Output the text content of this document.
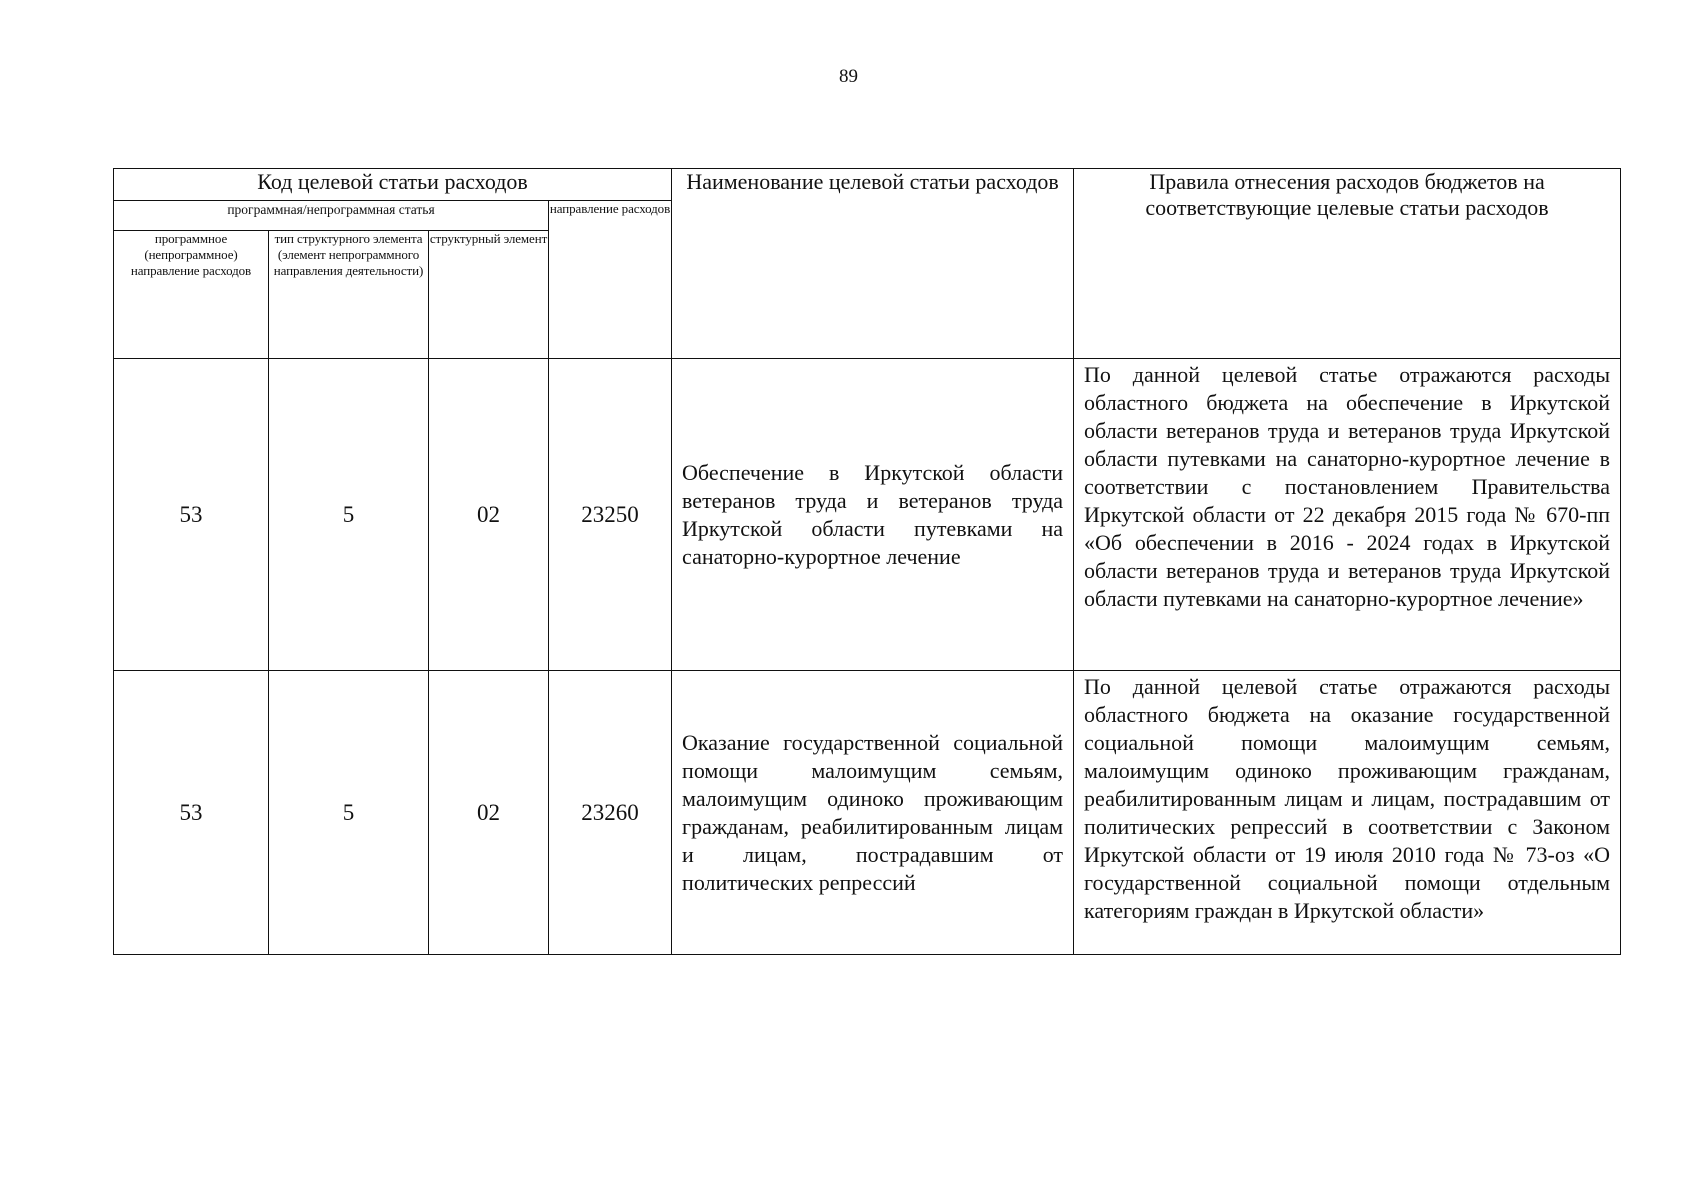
89
Код целевой статьи расходов				Наименование целевой статьи расходов	Правила отнесения расходов бюджетов на соответствующие целевые статьи расходов
программная/непрограммная статья			направление расходов		
программное (непрограммное) направление расходов	тип структурного элемента (элемент непрограммного направления деятельности)	структурный элемент			
53	5	02	23250	Обеспечение в Иркутской области ветеранов труда и ветеранов труда Иркутской области путевками на санаторно-курортное лечение	По данной целевой статье отражаются расходы областного бюджета на обеспечение в Иркутской области ветеранов труда и ветеранов труда Иркутской области путевками на санаторно-курортное лечение в соответствии с постановлением Правительства Иркутской области от 22 декабря 2015 года № 670-пп «Об обеспечении в 2016 - 2024 годах в Иркутской области ветеранов труда и ветеранов труда Иркутской области путевками на санаторно-курортное лечение»
53	5	02	23260	Оказание государственной социальной помощи малоимущим семьям, малоимущим одиноко проживающим гражданам, реабилитированным лицам и лицам, пострадавшим от политических репрессий	По данной целевой статье отражаются расходы областного бюджета на оказание государственной социальной помощи малоимущим семьям, малоимущим одиноко проживающим гражданам, реабилитированным лицам и лицам, пострадавшим от политических репрессий в соответствии с Законом Иркутской области от 19 июля 2010 года № 73-оз «О государственной социальной помощи отдельным категориям граждан в Иркутской области»
